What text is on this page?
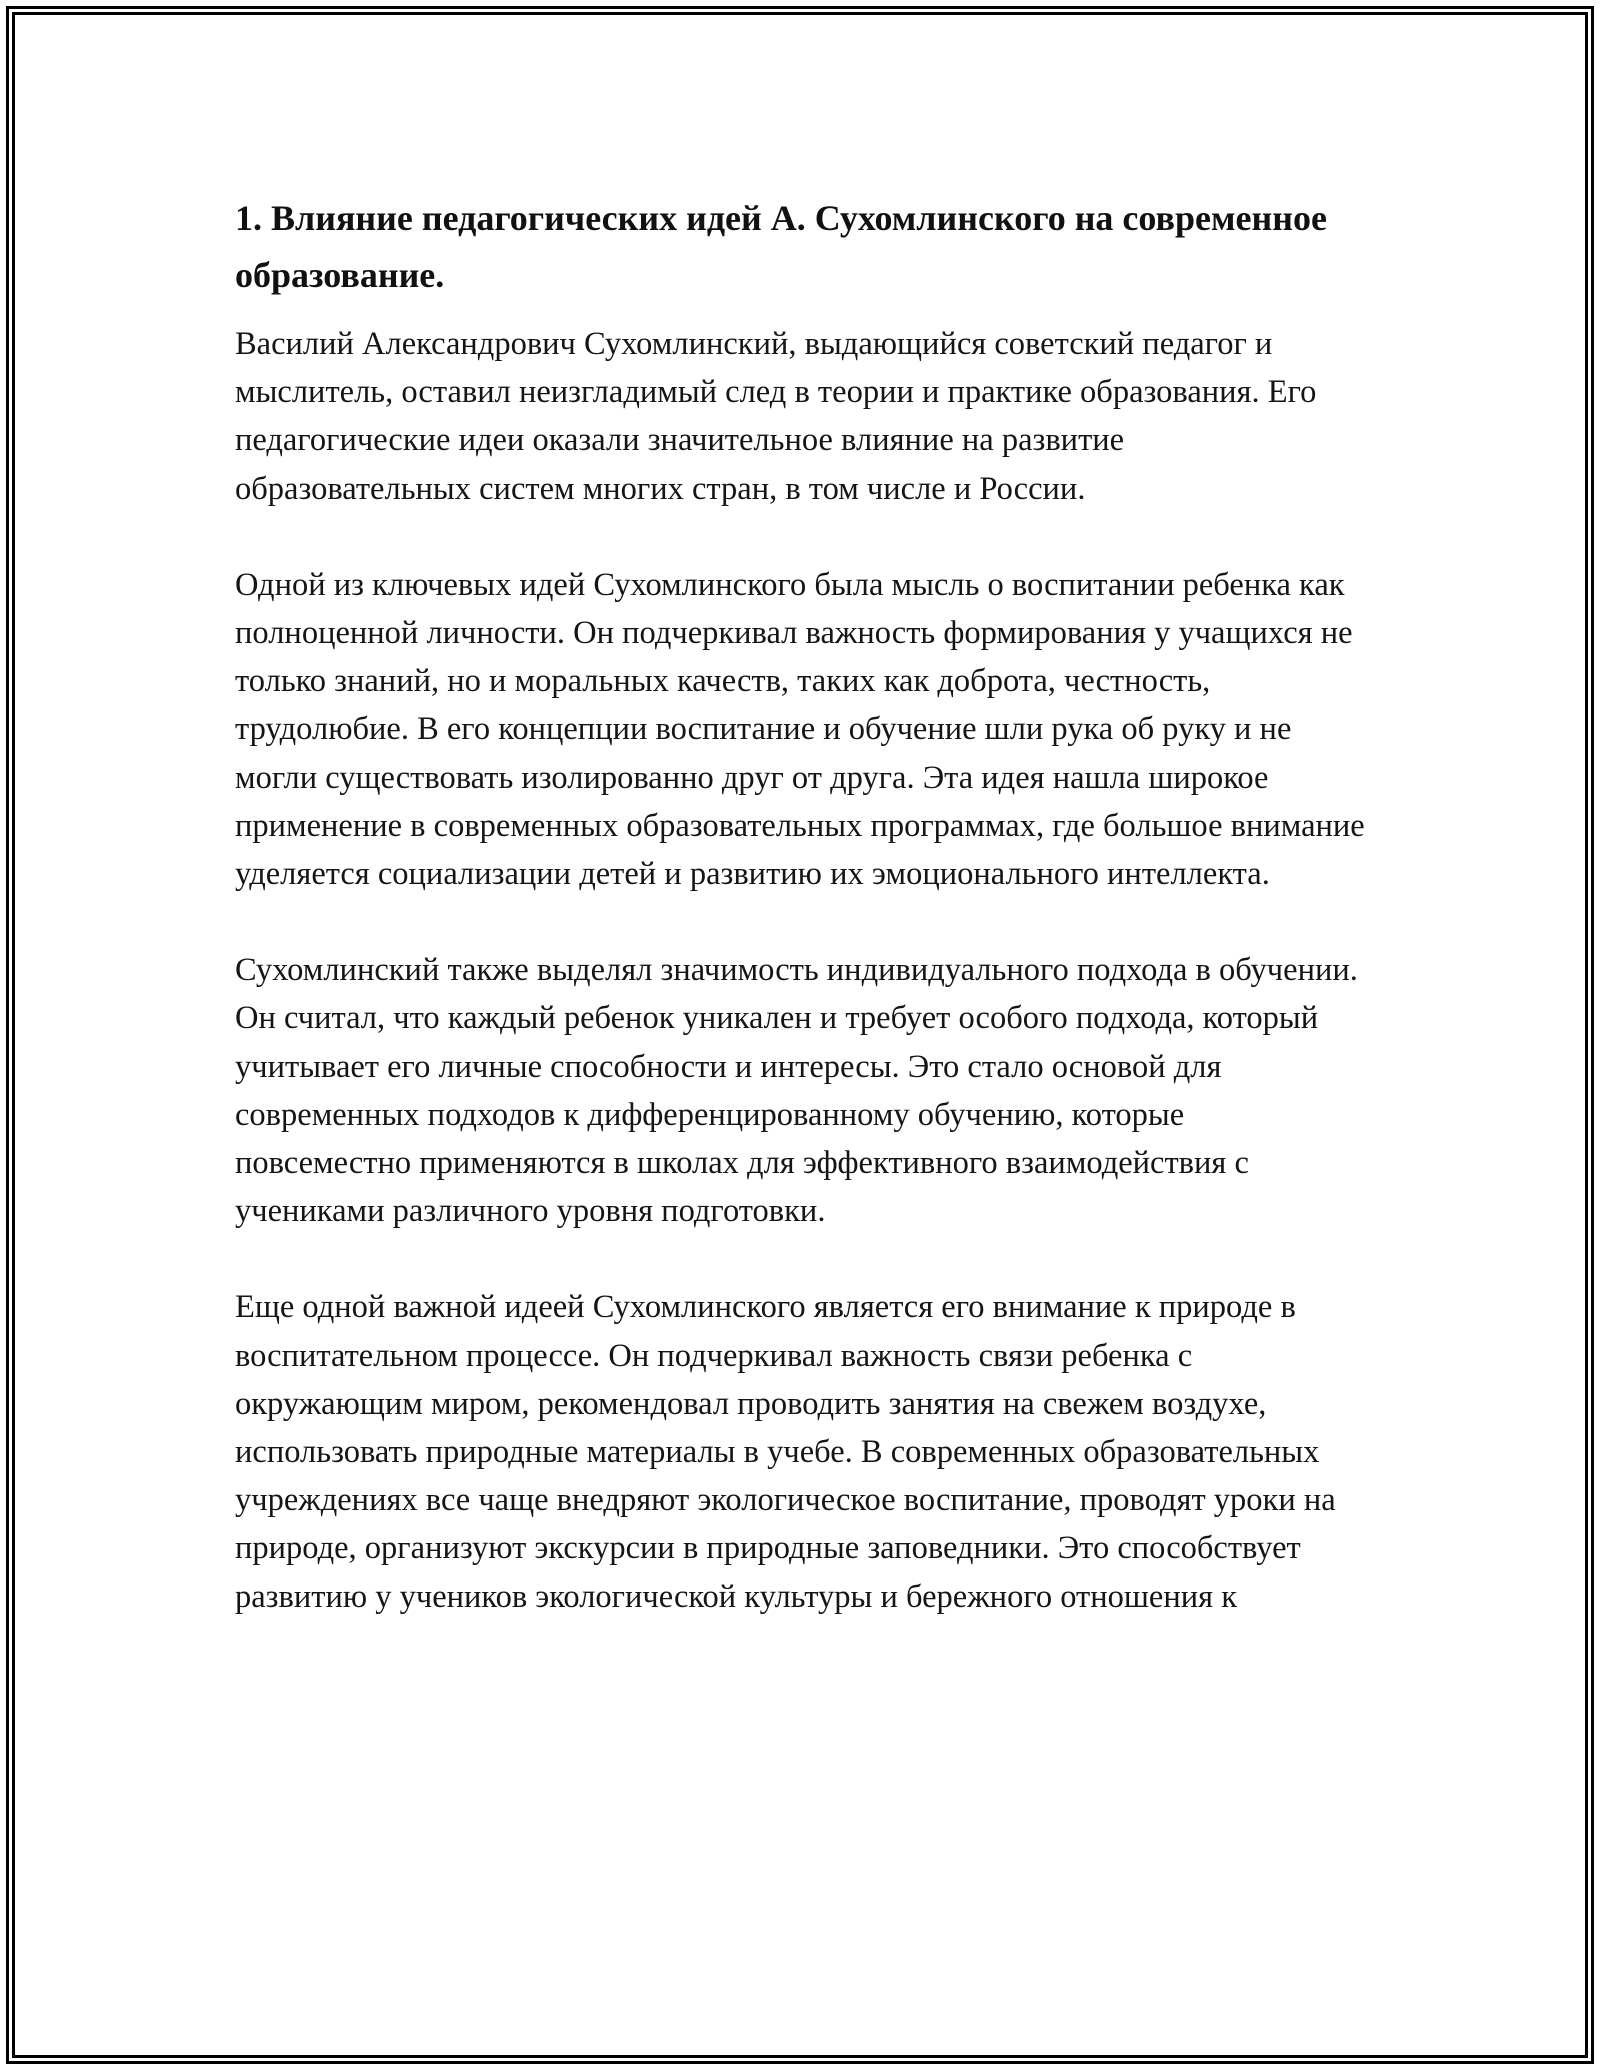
1. Влияние педагогических идей А. Сухомлинского на современное образование.

Василий Александрович Сухомлинский, выдающийся советский педагог и мыслитель, оставил неизгладимый след в теории и практике образования. Его педагогические идеи оказали значительное влияние на развитие образовательных систем многих стран, в том числе и России.

Одной из ключевых идей Сухомлинского была мысль о воспитании ребенка как полноценной личности. Он подчеркивал важность формирования у учащихся не только знаний, но и моральных качеств, таких как доброта, честность, трудолюбие. В его концепции воспитание и обучение шли рука об руку и не могли существовать изолированно друг от друга. Эта идея нашла широкое применение в современных образовательных программах, где большое внимание уделяется социализации детей и развитию их эмоционального интеллекта.

Сухомлинский также выделял значимость индивидуального подхода в обучении. Он считал, что каждый ребенок уникален и требует особого подхода, который учитывает его личные способности и интересы. Это стало основой для современных подходов к дифференцированному обучению, которые повсеместно применяются в школах для эффективного взаимодействия с учениками различного уровня подготовки.

Еще одной важной идеей Сухомлинского является его внимание к природе в воспитательном процессе. Он подчеркивал важность связи ребенка с окружающим миром, рекомендовал проводить занятия на свежем воздухе, использовать природные материалы в учебе. В современных образовательных учреждениях все чаще внедряют экологическое воспитание, проводят уроки на природе, организуют экскурсии в природные заповедники. Это способствует развитию у учеников экологической культуры и бережного отношения к
